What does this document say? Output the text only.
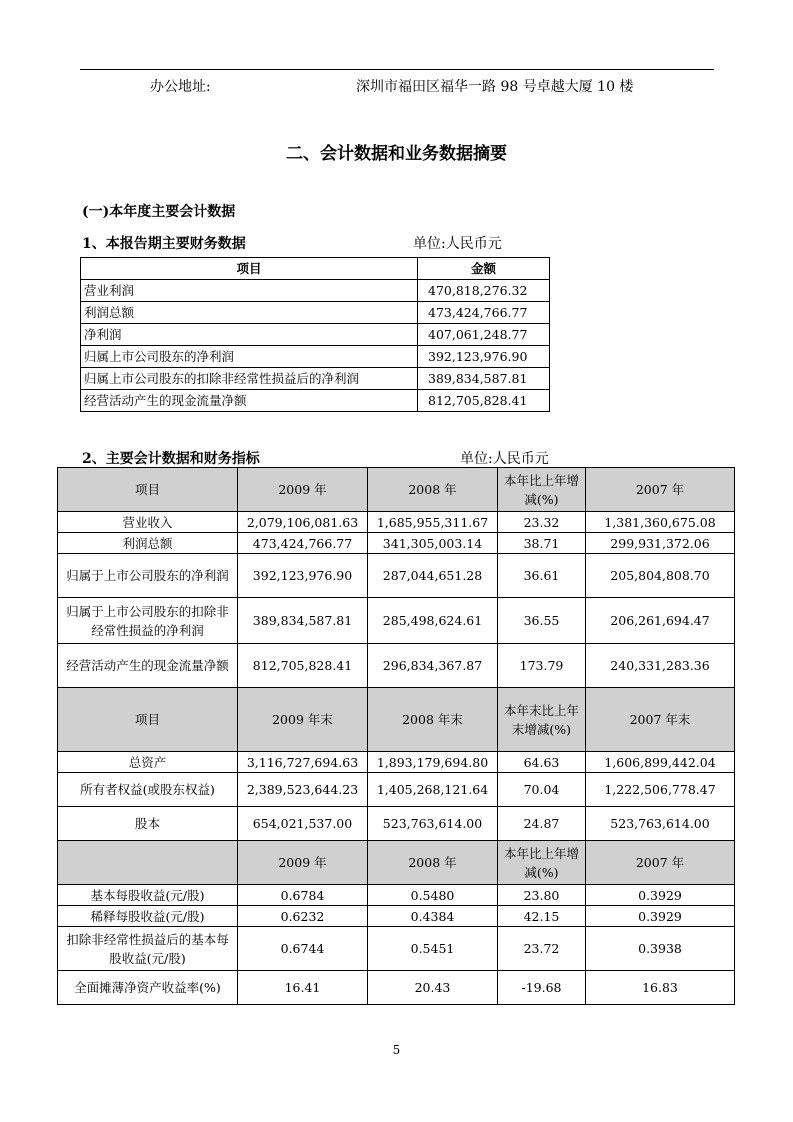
办公地址:	深圳市福田区福华一路 98 号卓越大厦 10 楼
二、会计数据和业务数据摘要
(一)本年度主要会计数据
1、本报告期主要财务数据	单位:人民币元
项目	金额
营业利润	470,818,276.32
利润总额	473,424,766.77
净利润	407,061,248.77
归属上市公司股东的净利润	392,123,976.90
归属上市公司股东的扣除非经常性损益后的净利润	389,834,587.81
经营活动产生的现金流量净额	812,705,828.41
2、主要会计数据和财务指标	单位:人民币元
项目	2009 年	2008 年	本年比上年增减(%)	2007 年
营业收入	2,079,106,081.63	1,685,955,311.67	23.32	1,381,360,675.08
利润总额	473,424,766.77	341,305,003.14	38.71	299,931,372.06
归属于上市公司股东的净利润	392,123,976.90	287,044,651.28	36.61	205,804,808.70
归属于上市公司股东的扣除非经常性损益的净利润	389,834,587.81	285,498,624.61	36.55	206,261,694.47
经营活动产生的现金流量净额	812,705,828.41	296,834,367.87	173.79	240,331,283.36
项目	2009 年末	2008 年末	本年末比上年末增减(%)	2007 年末
总资产	3,116,727,694.63	1,893,179,694.80	64.63	1,606,899,442.04
所有者权益(或股东权益)	2,389,523,644.23	1,405,268,121.64	70.04	1,222,506,778.47
股本	654,021,537.00	523,763,614.00	24.87	523,763,614.00
	2009 年	2008 年	本年比上年增减(%)	2007 年
基本每股收益(元/股)	0.6784	0.5480	23.80	0.3929
稀释每股收益(元/股)	0.6232	0.4384	42.15	0.3929
扣除非经常性损益后的基本每股收益(元/股)	0.6744	0.5451	23.72	0.3938
全面摊薄净资产收益率(%)	16.41	20.43	-19.68	16.83
5
